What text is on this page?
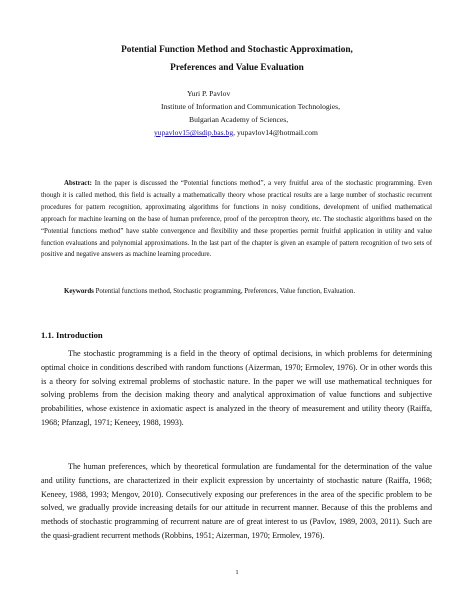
Potential Function Method and Stochastic Approximation,
Preferences and Value Evaluation
Yuri P. Pavlov
Institute of Information and Communication Technologies,
Bulgarian Academy of Sciences,
yupavlov15@isdip.bas.bg, yupavlov14@hotmail.com

Abstract: In the paper is discussed the “Potential functions method”, a very fruitful area of the stochastic programming. Even though it is called method, this field is actually a mathematically theory whose practical results are a large number of stochastic recurrent procedures for pattern recognition, approximating algorithms for functions in noisy conditions, development of unified mathematical approach for machine learning on the base of human preference, proof of the perceptron theory, etc. The stochastic algorithms based on the “Potential functions method” have stable convergence and flexibility and these properties permit fruitful application in utility and value function evaluations and polynomial approximations. In the last part of the chapter is given an example of pattern recognition of two sets of positive and negative answers as machine learning procedure.

Keywords Potential functions method, Stochastic programming, Preferences, Value function, Evaluation.

1.1. Introduction

The stochastic programming is a field in the theory of optimal decisions, in which problems for determining optimal choice in conditions described with random functions (Aizerman, 1970; Ermolev, 1976). Or in other words this is a theory for solving extremal problems of stochastic nature. In the paper we will use mathematical techniques for solving problems from the decision making theory and analytical approximation of value functions and subjective probabilities, whose existence in axiomatic aspect is analyzed in the theory of measurement and utility theory (Raiffa, 1968; Pfanzagl, 1971; Keneey, 1988, 1993).

The human preferences, which by theoretical formulation are fundamental for the determination of the value and utility functions, are characterized in their explicit expression by uncertainty of stochastic nature (Raiffa, 1968; Keneey, 1988, 1993; Mengov, 2010). Consecutively exposing our preferences in the area of the specific problem to be solved, we gradually provide increasing details for our attitude in recurrent manner. Because of this the problems and methods of stochastic programming of recurrent nature are of great interest to us (Pavlov, 1989, 2003, 2011). Such are the quasi-gradient recurrent methods (Robbins, 1951; Aizerman, 1970; Ermolev, 1976).

1
